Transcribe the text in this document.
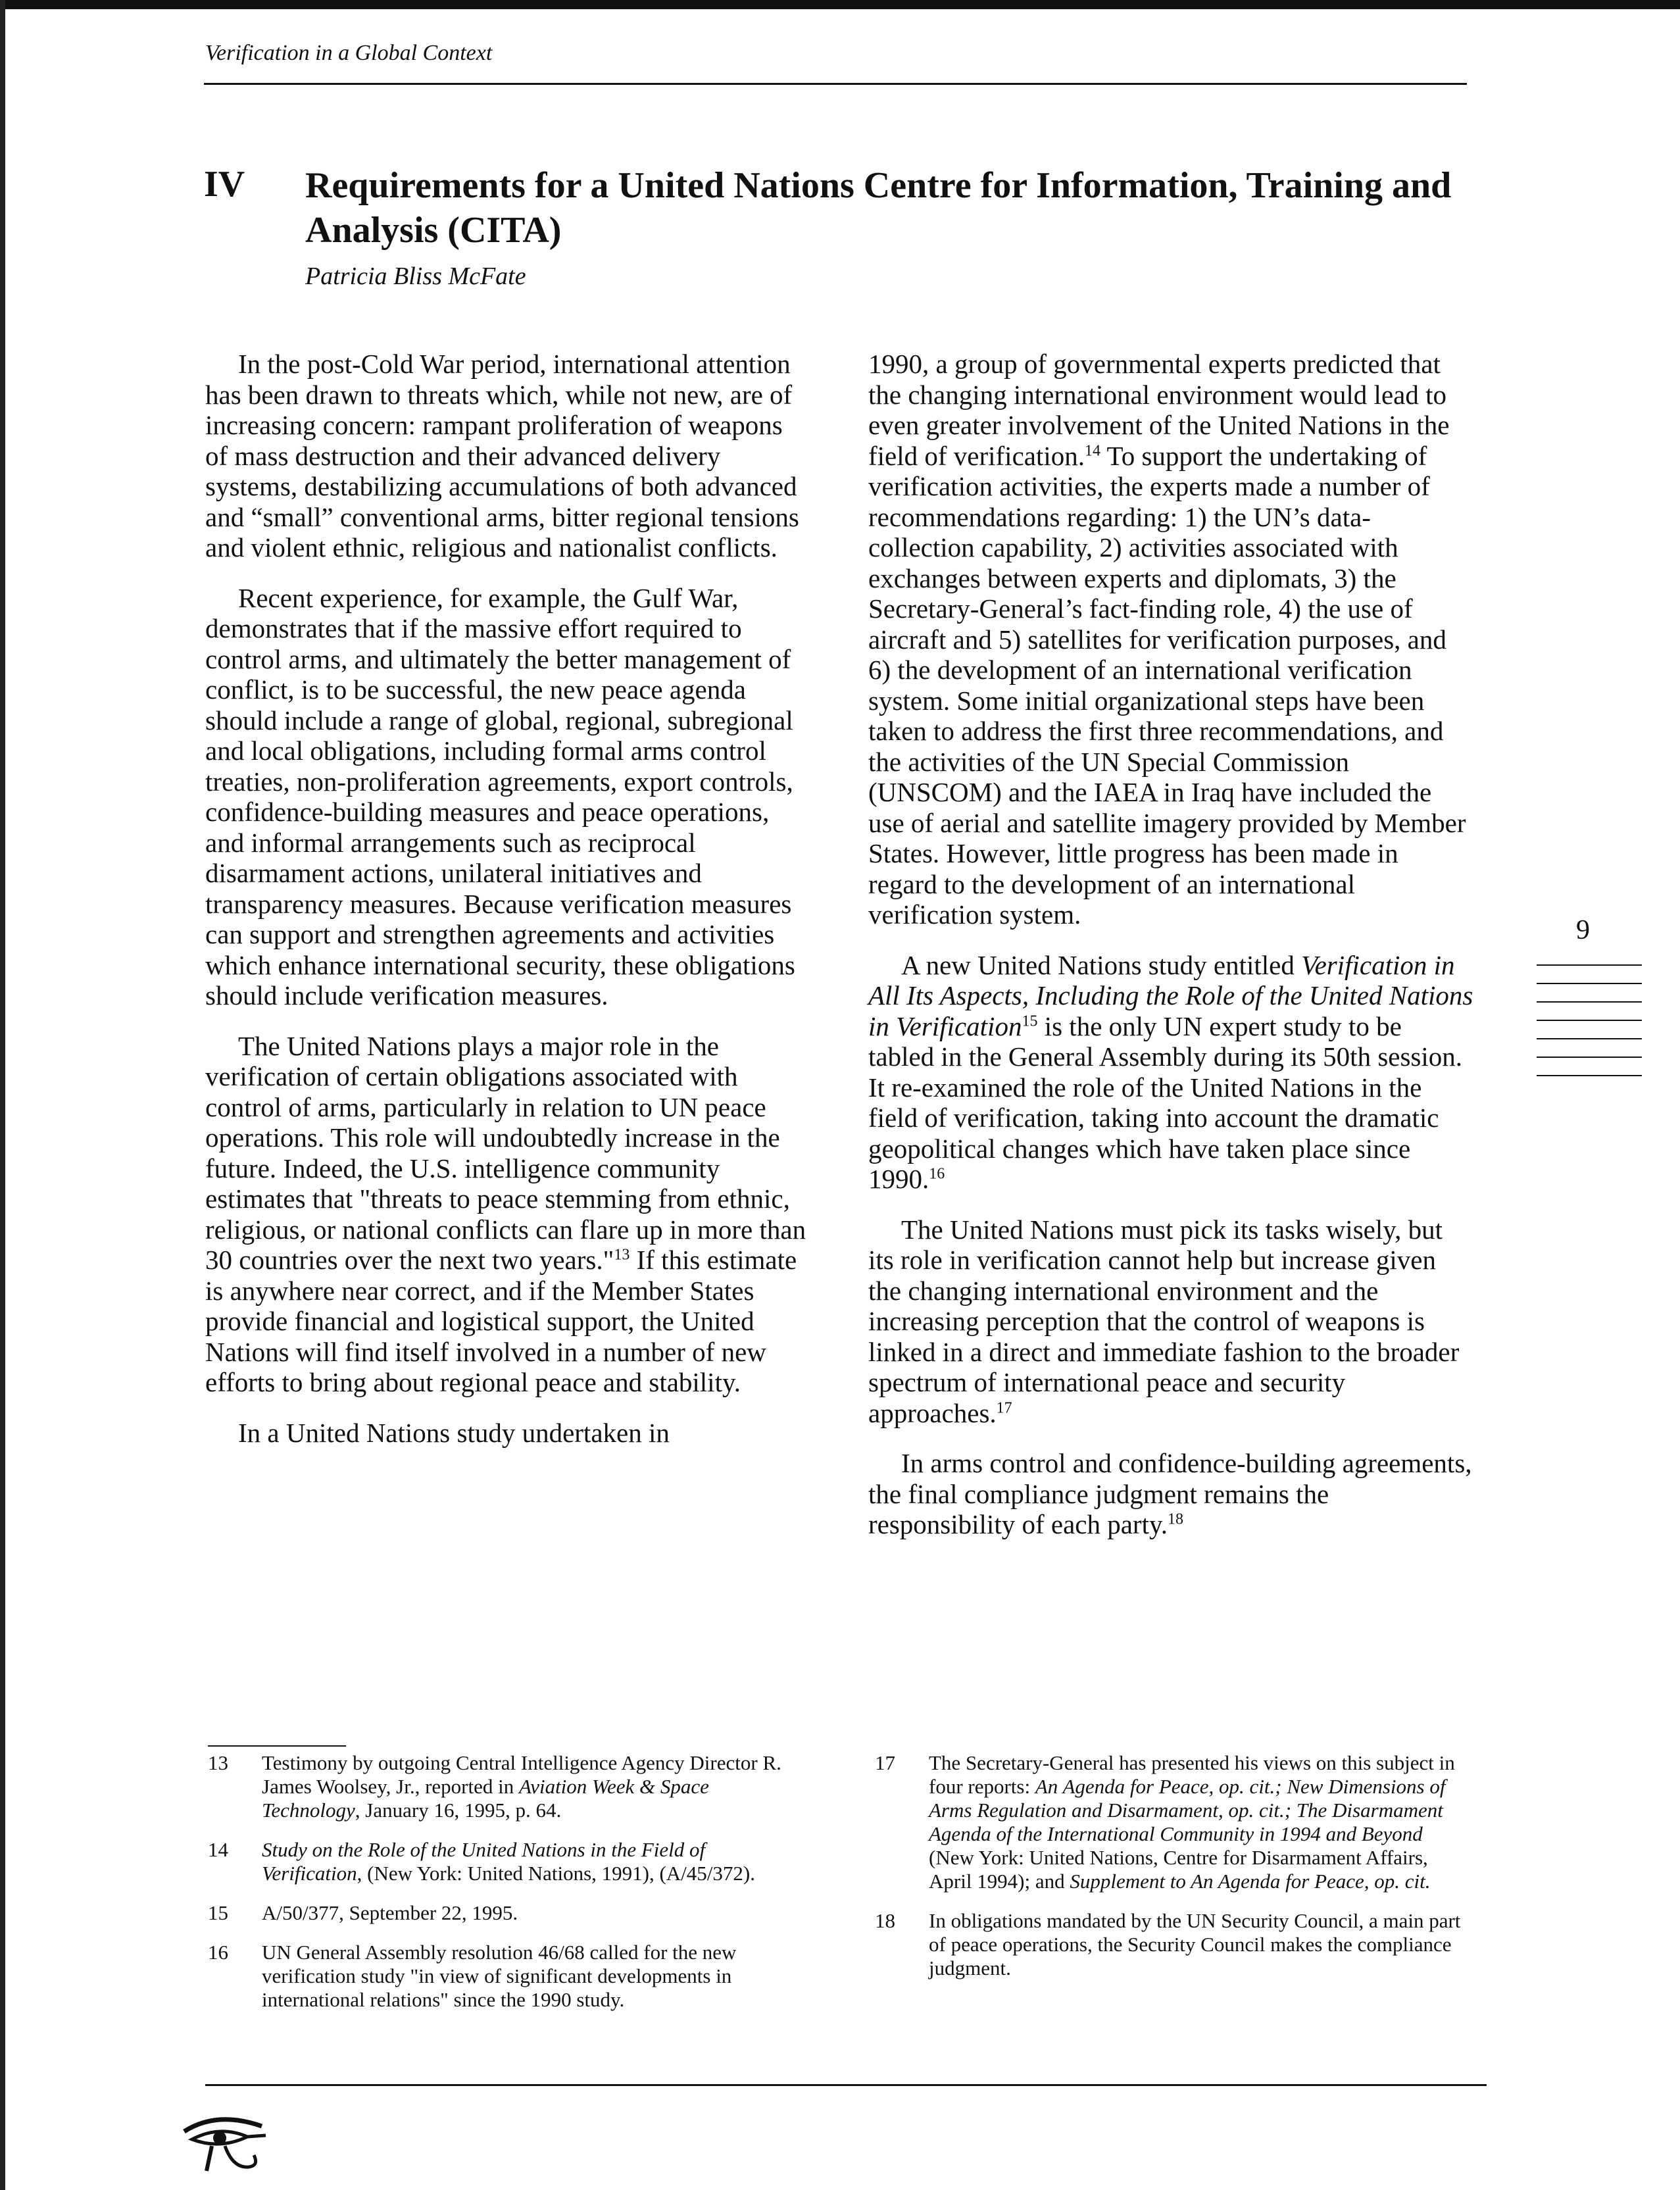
Verification in a Global Context
IV Requirements for a United Nations Centre for Information, Training and Analysis (CITA)
Patricia Bliss McFate

In the post-Cold War period, international attention has been drawn to threats which, while not new, are of increasing concern: rampant proliferation of weapons of mass destruction and their advanced delivery systems, destabilizing accumulations of both advanced and “small” conventional arms, bitter regional tensions and violent ethnic, religious and nationalist conflicts.

Recent experience, for example, the Gulf War, demonstrates that if the massive effort required to control arms, and ultimately the better management of conflict, is to be successful, the new peace agenda should include a range of global, regional, subregional and local obligations, including formal arms control treaties, non-proliferation agreements, export controls, confidence-building measures and peace operations, and informal arrangements such as reciprocal disarmament actions, unilateral initiatives and transparency measures. Because verification measures can support and strengthen agreements and activities which enhance international security, these obligations should include verification measures.

The United Nations plays a major role in the verification of certain obligations associated with control of arms, particularly in relation to UN peace operations. This role will undoubtedly increase in the future. Indeed, the U.S. intelligence community estimates that "threats to peace stemming from ethnic, religious, or national conflicts can flare up in more than 30 countries over the next two years."$^{13}$ If this estimate is anywhere near correct, and if the Member States provide financial and logistical support, the United Nations will find itself involved in a number of new efforts to bring about regional peace and stability.

In a United Nations study undertaken in

1990, a group of governmental experts predicted that the changing international environment would lead to even greater involvement of the United Nations in the field of verification.$^{14}$ To support the undertaking of verification activities, the experts made a number of recommendations regarding: 1) the UN’s data-collection capability, 2) activities associated with exchanges between experts and diplomats, 3) the Secretary-General’s fact-finding role, 4) the use of aircraft and 5) satellites for verification purposes, and 6) the development of an international verification system. Some initial organizational steps have been taken to address the first three recommendations, and the activities of the UN Special Commission (UNSCOM) and the IAEA in Iraq have included the use of aerial and satellite imagery provided by Member States. However, little progress has been made in regard to the development of an international verification system.

A new United Nations study entitled Verification in All Its Aspects, Including the Role of the United Nations in Verification$^{15}$ is the only UN expert study to be tabled in the General Assembly during its 50th session. It re-examined the role of the United Nations in the field of verification, taking into account the dramatic geopolitical changes which have taken place since 1990.16

The United Nations must pick its tasks wisely, but its role in verification cannot help but increase given the changing international environment and the increasing perception that the control of weapons is linked in a direct and immediate fashion to the broader spectrum of international peace and security approaches.$^{17}$

In arms control and confidence-building agreements, the final compliance judgment remains the responsibility of each party.$^{18}$

9
13	Testimony by outgoing Central Intelligence Agency Director R. James Woolsey, Jr., reported in Aviation Week & Space Technology, January 16, 1995, p. 64.
14	Study on the Role of the United Nations in the Field of Verification, (New York: United Nations, 1991), (A/45/372).
15	A/50/377, September 22, 1995.
16	UN General Assembly resolution 46/68 called for the new verification study "in view of significant developments in international relations" since the 1990 study.
17	The Secretary-General has presented his views on this subject in four reports: An Agenda for Peace, op. cit.; New Dimensions of Arms Regulation and Disarmament, op. cit.; The Disarmament Agenda of the International Community in 1994 and Beyond (New York: United Nations, Centre for Disarmament Affairs, April 1994); and Supplement to An Agenda for Peace, op. cit.
18	In obligations mandated by the UN Security Council, a main part of peace operations, the Security Council makes the compliance judgment.
